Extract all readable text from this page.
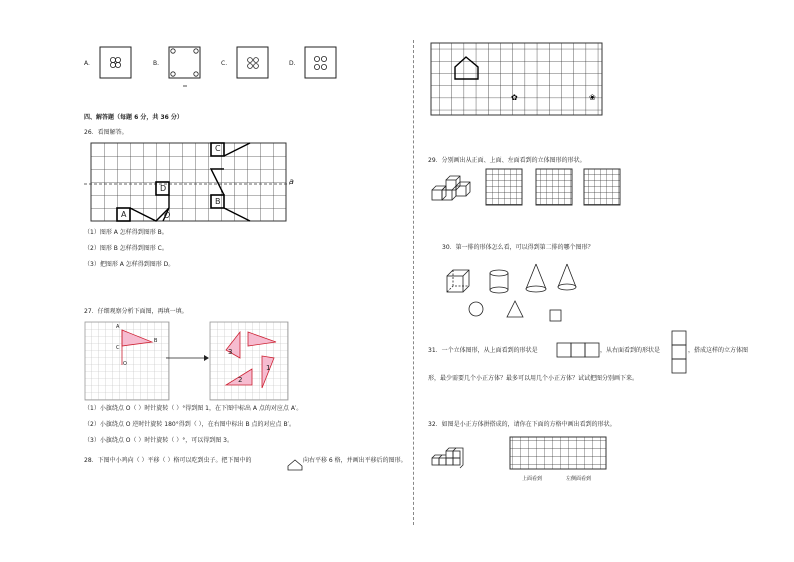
✿	❀
A.	B.	C.	D.
四、解答题（每题 6 分，共 36 分）
26．看图解答。
A
B
C
D
O
a
（1）图形 A 怎样得到图形 B。
（2）图形 B 怎样得到图形 C。
（3）把图形 A 怎样得到图形 D。
27．仔细观察分析下面图，再填一填。
A
B
C
O
3
2
1
（1）小旗绕点 O（ ）时针旋转（ ）°得到图 1，在下图中标出 A 点的对应点 A′。
（2）小旗绕点 O 逆时针旋转 180°得到（ ），在右图中标出 B 点的对应点 B′。
（3）小旗绕点 O（ ）时针旋转（ ）°，可以得到图 3。
28．下图中小鸡向（ ）平移（ ）格可以吃到虫子。把下图中的	向右平移 6 格，并画出平移后的图形。
29．分别画出从正面、上面、左面看到的立体图形的形状。
30．第一排的形体怎么看，可以得到第二排的哪个图形？
31．一个立体图形，从上面看到的形状是	，从右面看到的形状是	，搭成这样的立方体图
形，最少需要几个小正方体？最多可以用几个小正方体？试试把图分别画下来。
32．如图是小正方体拼搭成的，请你在下面的方格中画出看到的形状。
上面看到	左侧面看到
